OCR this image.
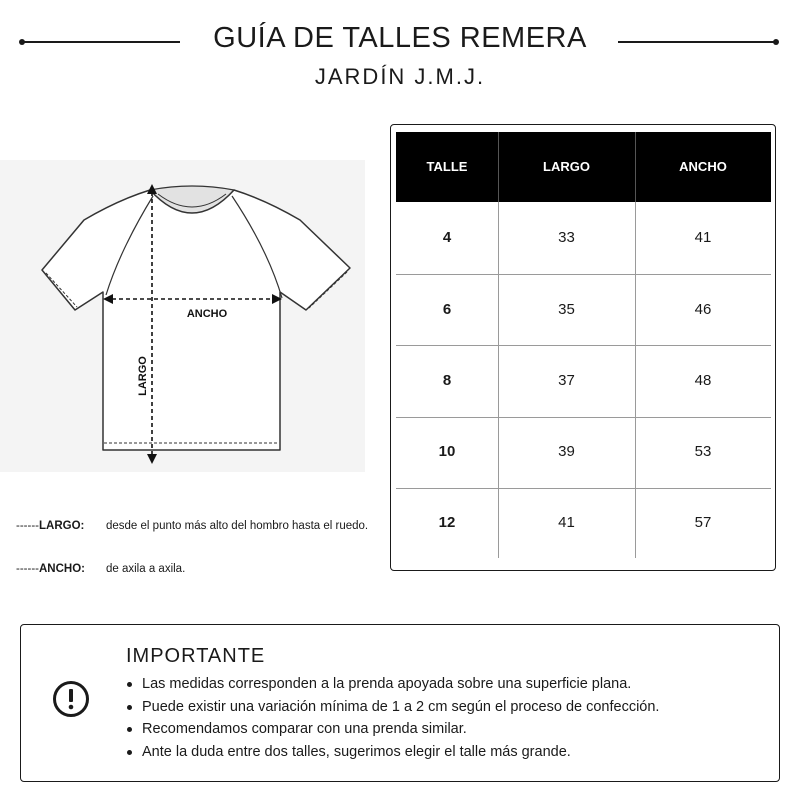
GUÍA DE TALLES REMERA
JARDÍN J.M.J.
ANCHO
LARGO
------LARGO:	desde el punto más alto del hombro hasta el ruedo.
------ANCHO:	de axila a axila.
TALLE	LARGO	ANCHO
4	33	41
6	35	46
8	37	48
10	39	53
12	41	57
IMPORTANTE
Las medidas corresponden a la prenda apoyada sobre una superficie plana.
Puede existir una variación mínima de 1 a 2 cm según el proceso de confección.
Recomendamos comparar con una prenda similar.
Ante la duda entre dos talles, sugerimos elegir el talle más grande.
